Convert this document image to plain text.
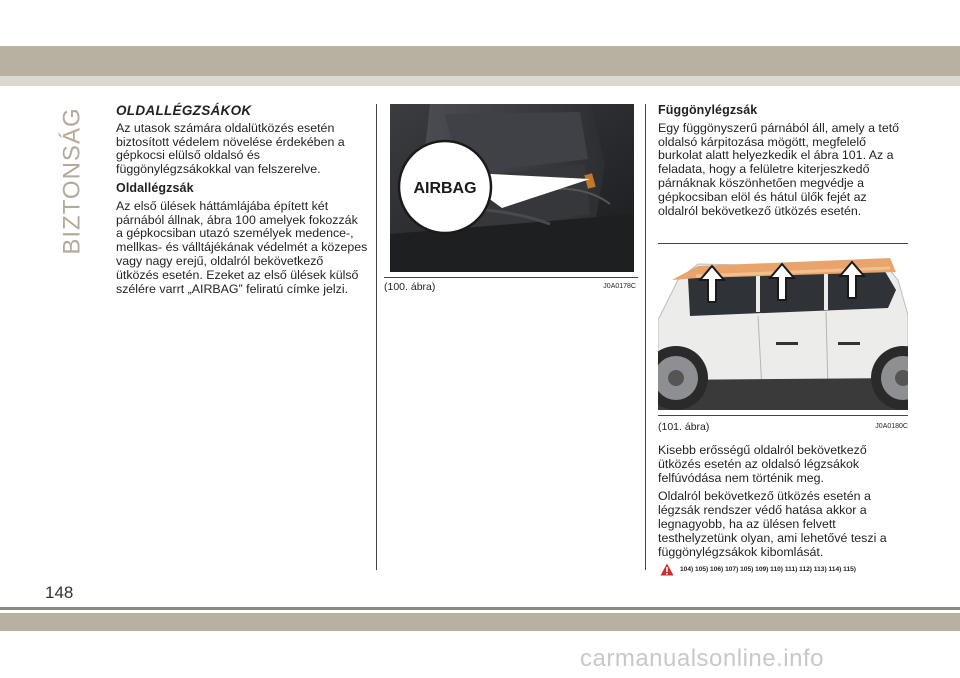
BIZTONSÁG OLDALLÉGZSÁKOK

Az utasok számára oldalütközés esetén biztosított védelem növelése érdekében a gépkocsi elülső oldalsó és függönylégzsákokkal van felszerelve.

Oldallégzsák

Az első ülések háttámlájába épített két párnából állnak, ábra 100 amelyek fokozzák a gépkocsiban utazó személyek medence-, mellkas- és válltájékának védelmét a közepes vagy nagy erejű, oldalról bekövetkező ütközés esetén. Ezeket az első ülések külső szélére varrt „AIRBAG” feliratú címke jelzi.

AIRBAG
(100. ábra)	J0A0178C
Függönylégzsák

Egy függönyszerű párnából áll, amely a tető oldalsó kárpitozása mögött, megfelelő burkolat alatt helyezkedik el ábra 101. Az a feladata, hogy a felületre kiterjeszkedő párnáknak köszönhetően megvédje a gépkocsiban elöl és hátul ülők fejét az oldalról bekövetkező ütközés esetén.

(101. ábra)	J0A0180C

Kisebb erősségű oldalról bekövetkező ütközés esetén az oldalsó légzsákok felfúvódása nem történik meg.

Oldalról bekövetkező ütközés esetén a légzsák rendszer védő hatása akkor a legnagyobb, ha az ülésen felvett testhelyzetünk olyan, ami lehetővé teszi a függönylégzsákok kibomlását.

104) 105) 106) 107) 105) 109) 110) 111) 112) 113) 114) 115)
148
carmanualsonline.info
